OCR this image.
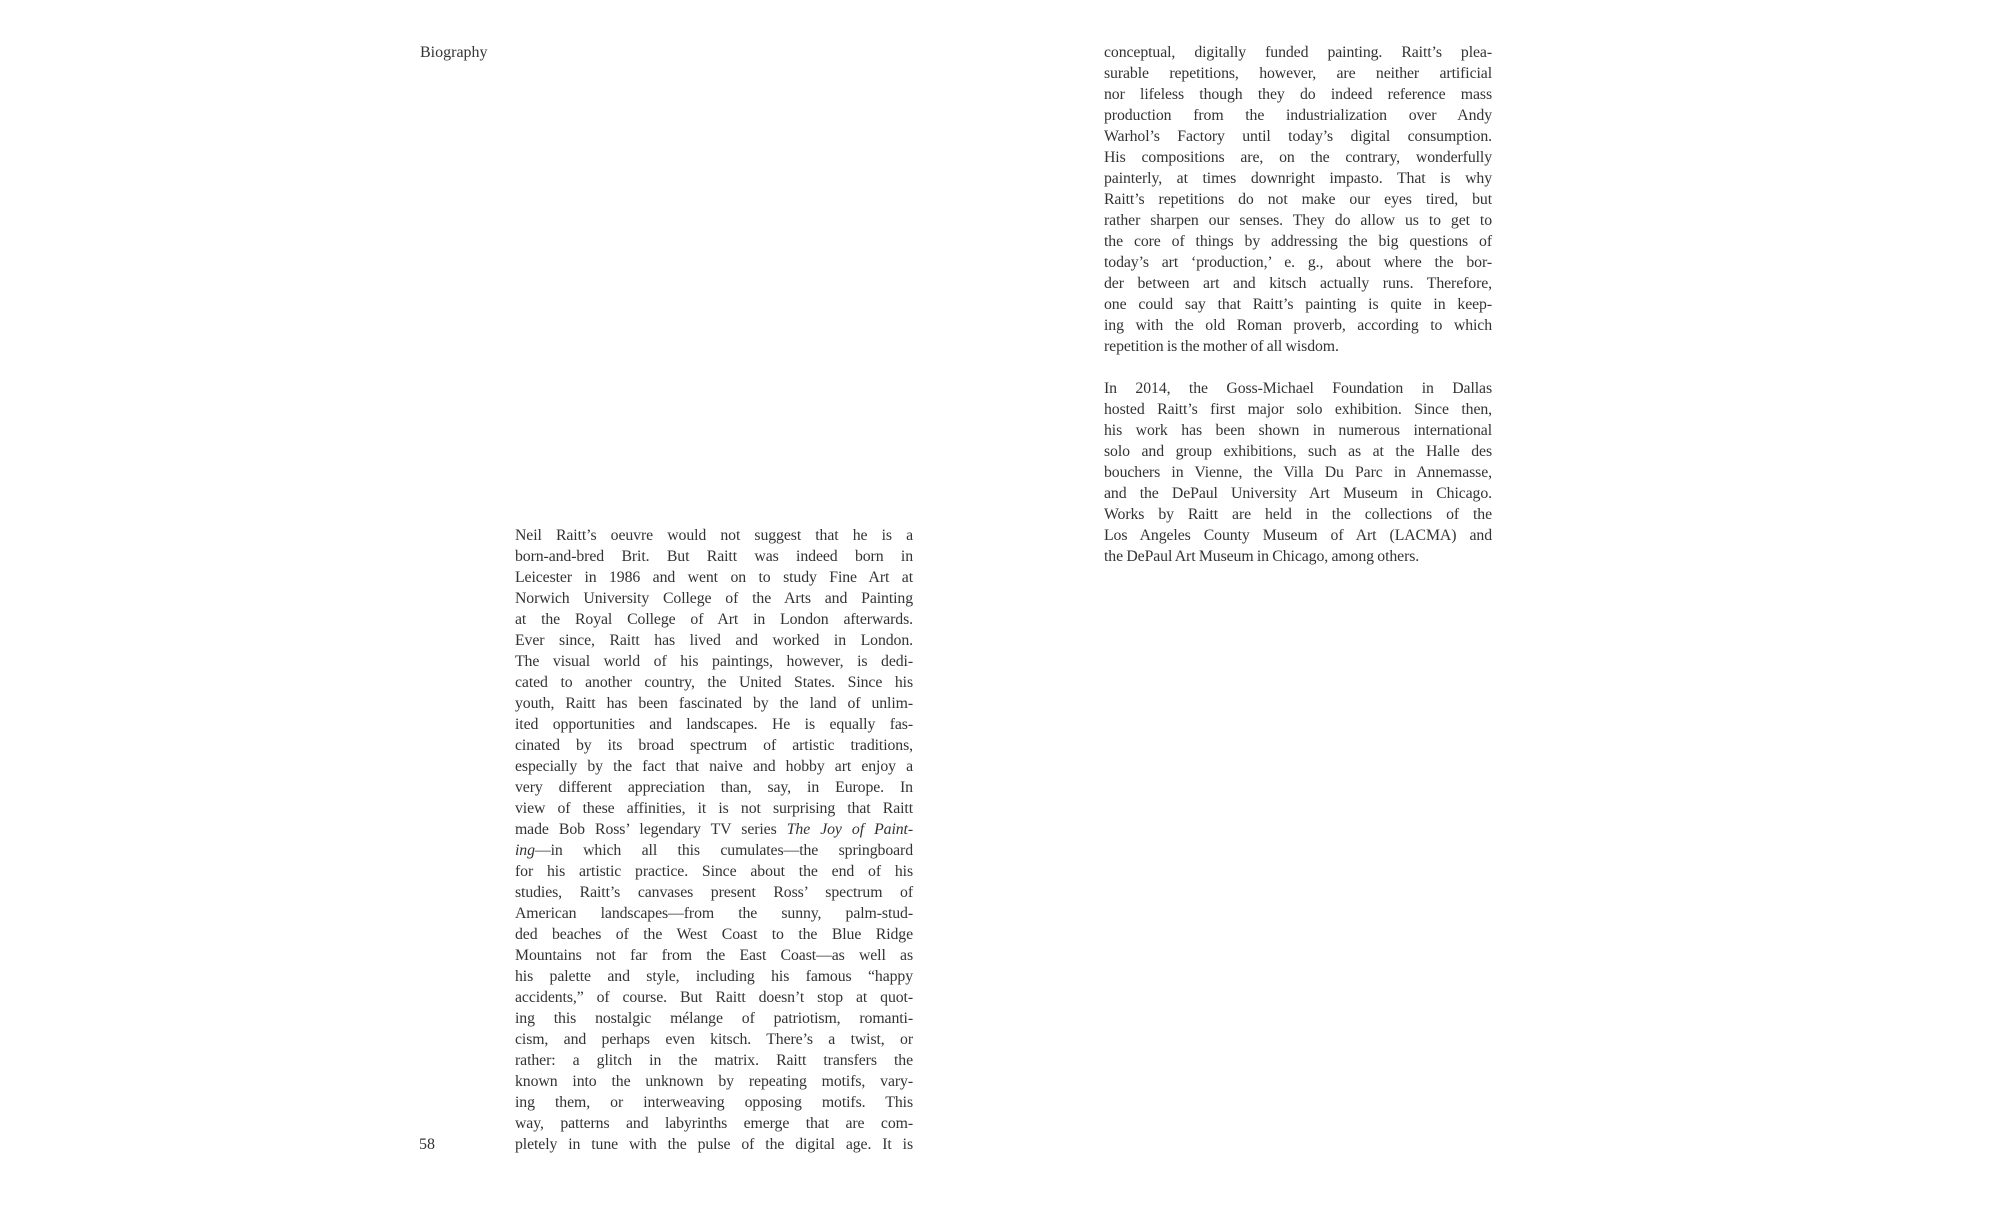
Biography
Neil Raitt’s oeuvre would not suggest that he is a
born-and-bred Brit. But Raitt was indeed born in
Leicester in 1986 and went on to study Fine Art at
Norwich University College of the Arts and Painting
at the Royal College of Art in London afterwards.
Ever since, Raitt has lived and worked in London.
The visual world of his paintings, however, is dedi-
cated to another country, the United States. Since his
youth, Raitt has been fascinated by the land of unlim-
ited opportunities and landscapes. He is equally fas-
cinated by its broad spectrum of artistic traditions,
especially by the fact that naive and hobby art enjoy a
very different appreciation than, say, in Europe. In
view of these affinities, it is not surprising that Raitt
made Bob Ross’ legendary TV series The Joy of Paint-
ing—in which all this cumulates—the springboard
for his artistic practice. Since about the end of his
studies, Raitt’s canvases present Ross’ spectrum of
American landscapes—from the sunny, palm-stud-
ded beaches of the West Coast to the Blue Ridge
Mountains not far from the East Coast—as well as
his palette and style, including his famous “happy
accidents,” of course. But Raitt doesn’t stop at quot-
ing this nostalgic mélange of patriotism, romanti-
cism, and perhaps even kitsch. There’s a twist, or
rather: a glitch in the matrix. Raitt transfers the
known into the unknown by repeating motifs, vary-
ing them, or interweaving opposing motifs. This
way, patterns and labyrinths emerge that are com-
pletely in tune with the pulse of the digital age. It is
58
conceptual, digitally funded painting. Raitt’s plea-
surable repetitions, however, are neither artificial
nor lifeless though they do indeed reference mass
production from the industrialization over Andy
Warhol’s Factory until today’s digital consumption.
His compositions are, on the contrary, wonderfully
painterly, at times downright impasto. That is why
Raitt’s repetitions do not make our eyes tired, but
rather sharpen our senses. They do allow us to get to
the core of things by addressing the big questions of
today’s art ‘production,’ e. g., about where the bor-
der between art and kitsch actually runs. Therefore,
one could say that Raitt’s painting is quite in keep-
ing with the old Roman proverb, according to which
repetition is the mother of all wisdom.
In 2014, the Goss-Michael Foundation in Dallas
hosted Raitt’s first major solo exhibition. Since then,
his work has been shown in numerous international
solo and group exhibitions, such as at the Halle des
bouchers in Vienne, the Villa Du Parc in Annemasse,
and the DePaul University Art Museum in Chicago.
Works by Raitt are held in the collections of the
Los Angeles County Museum of Art (LACMA) and
the DePaul Art Museum in Chicago, among others.
